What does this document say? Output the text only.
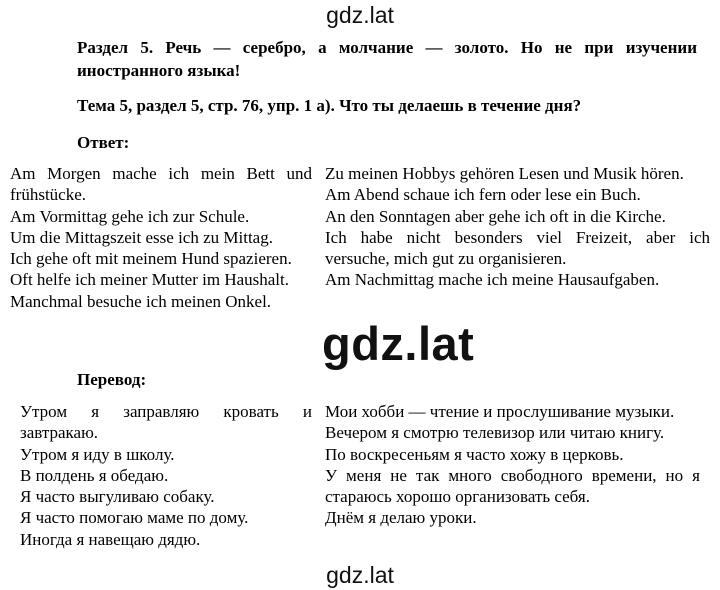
gdz.lat
Раздел 5. Речь — серебро, а молчание — золото. Но не при изучении иностранного языка!
Тема 5, раздел 5, стр. 76, упр. 1 а). Что ты делаешь в течение дня?
Ответ:

Am Morgen mache ich mein Bett und frühstücke.

Am Vormittag gehe ich zur Schule.

Um die Mittagszeit esse ich zu Mittag.

Ich gehe oft mit meinem Hund spazieren.

Oft helfe ich meiner Mutter im Haushalt.

Manchmal besuche ich meinen Onkel.

Zu meinen Hobbys gehören Lesen und Musik hören.

Am Abend schaue ich fern oder lese ein Buch.

An den Sonntagen aber gehe ich oft in die Kirche.

Ich habe nicht besonders viel Freizeit, aber ich versuche, mich gut zu organisieren.

Am Nachmittag mache ich meine Hausaufgaben.

gdz.lat
Перевод:

Утром я заправляю кровать и завтракаю.

Утром я иду в школу.

В полдень я обедаю.

Я часто выгуливаю собаку.

Я часто помогаю маме по дому.

Иногда я навещаю дядю.

Мои хобби — чтение и прослушивание музыки.

Вечером я смотрю телевизор или читаю книгу.

По воскресеньям я часто хожу в церковь.

У меня не так много свободного времени, но я стараюсь хорошо организовать себя.

Днём я делаю уроки.

gdz.lat
